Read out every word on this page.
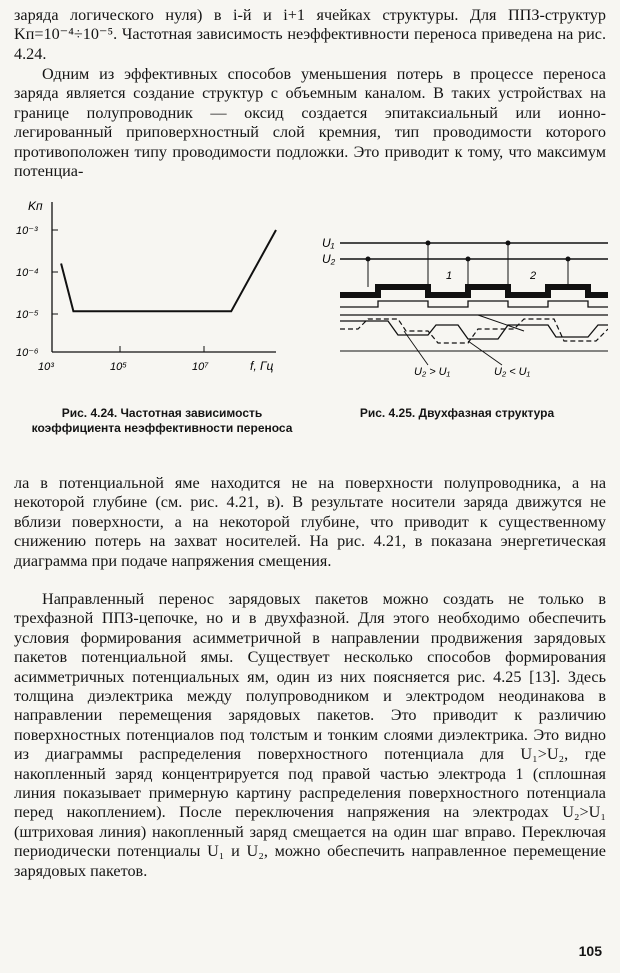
заряда логического нуля) в i-й и i+1 ячейках структуры. Для ППЗ-структур Kп=10⁻⁴÷10⁻⁵. Частотная зависимость неэффективности переноса приведена на рис. 4.24.

Одним из эффективных способов уменьшения потерь в процессе переноса заряда является создание структур с объемным каналом. В таких устройствах на границе полупроводник — оксид создается эпитаксиальный или ионно-легированный приповерхностный слой кремния, тип проводимости которого противоположен типу проводимости подложки. Это приводит к тому, что максимум потенциа-

Kп
10⁻³
10⁻⁴
10⁻⁵
10⁻⁶
10³	10⁵	10⁷	f, Гц
Рис. 4.24. Частотная зависимость коэффициента неэффективности переноса
U₁
U₂
1	2
U₂ > U₁	U₂ < U₁
Рис. 4.25. Двухфазная структура

ла в потенциальной яме находится не на поверхности полупроводника, а на некоторой глубине (см. рис. 4.21, в). В результате носители заряда движутся не вблизи поверхности, а на некоторой глубине, что приводит к существенному снижению потерь на захват носителей. На рис. 4.21, в показана энергетическая диаграмма при подаче напряжения смещения.

Направленный перенос зарядовых пакетов можно создать не только в трехфазной ППЗ-цепочке, но и в двухфазной. Для этого необходимо обеспечить условия формирования асимметричной в направлении продвижения зарядовых пакетов потенциальной ямы. Существует несколько способов формирования асимметричных потенциальных ям, один из них поясняется рис. 4.25 [13]. Здесь толщина диэлектрика между полупроводником и электродом неодинакова в направлении перемещения зарядовых пакетов. Это приводит к различию поверхностных потенциалов под толстым и тонким слоями диэлектрика. Это видно из диаграммы распределения поверхностного потенциала для U₁>U₂, где накопленный заряд концентрируется под правой частью электрода 1 (сплошная линия показывает примерную картину распределения поверхностного потенциала перед накоплением). После переключения напряжения на электродах U₂>U₁ (штриховая линия) накопленный заряд смещается на один шаг вправо. Переключая периодически потенциалы U₁ и U₂, можно обеспечить направленное перемещение зарядовых пакетов.

105
